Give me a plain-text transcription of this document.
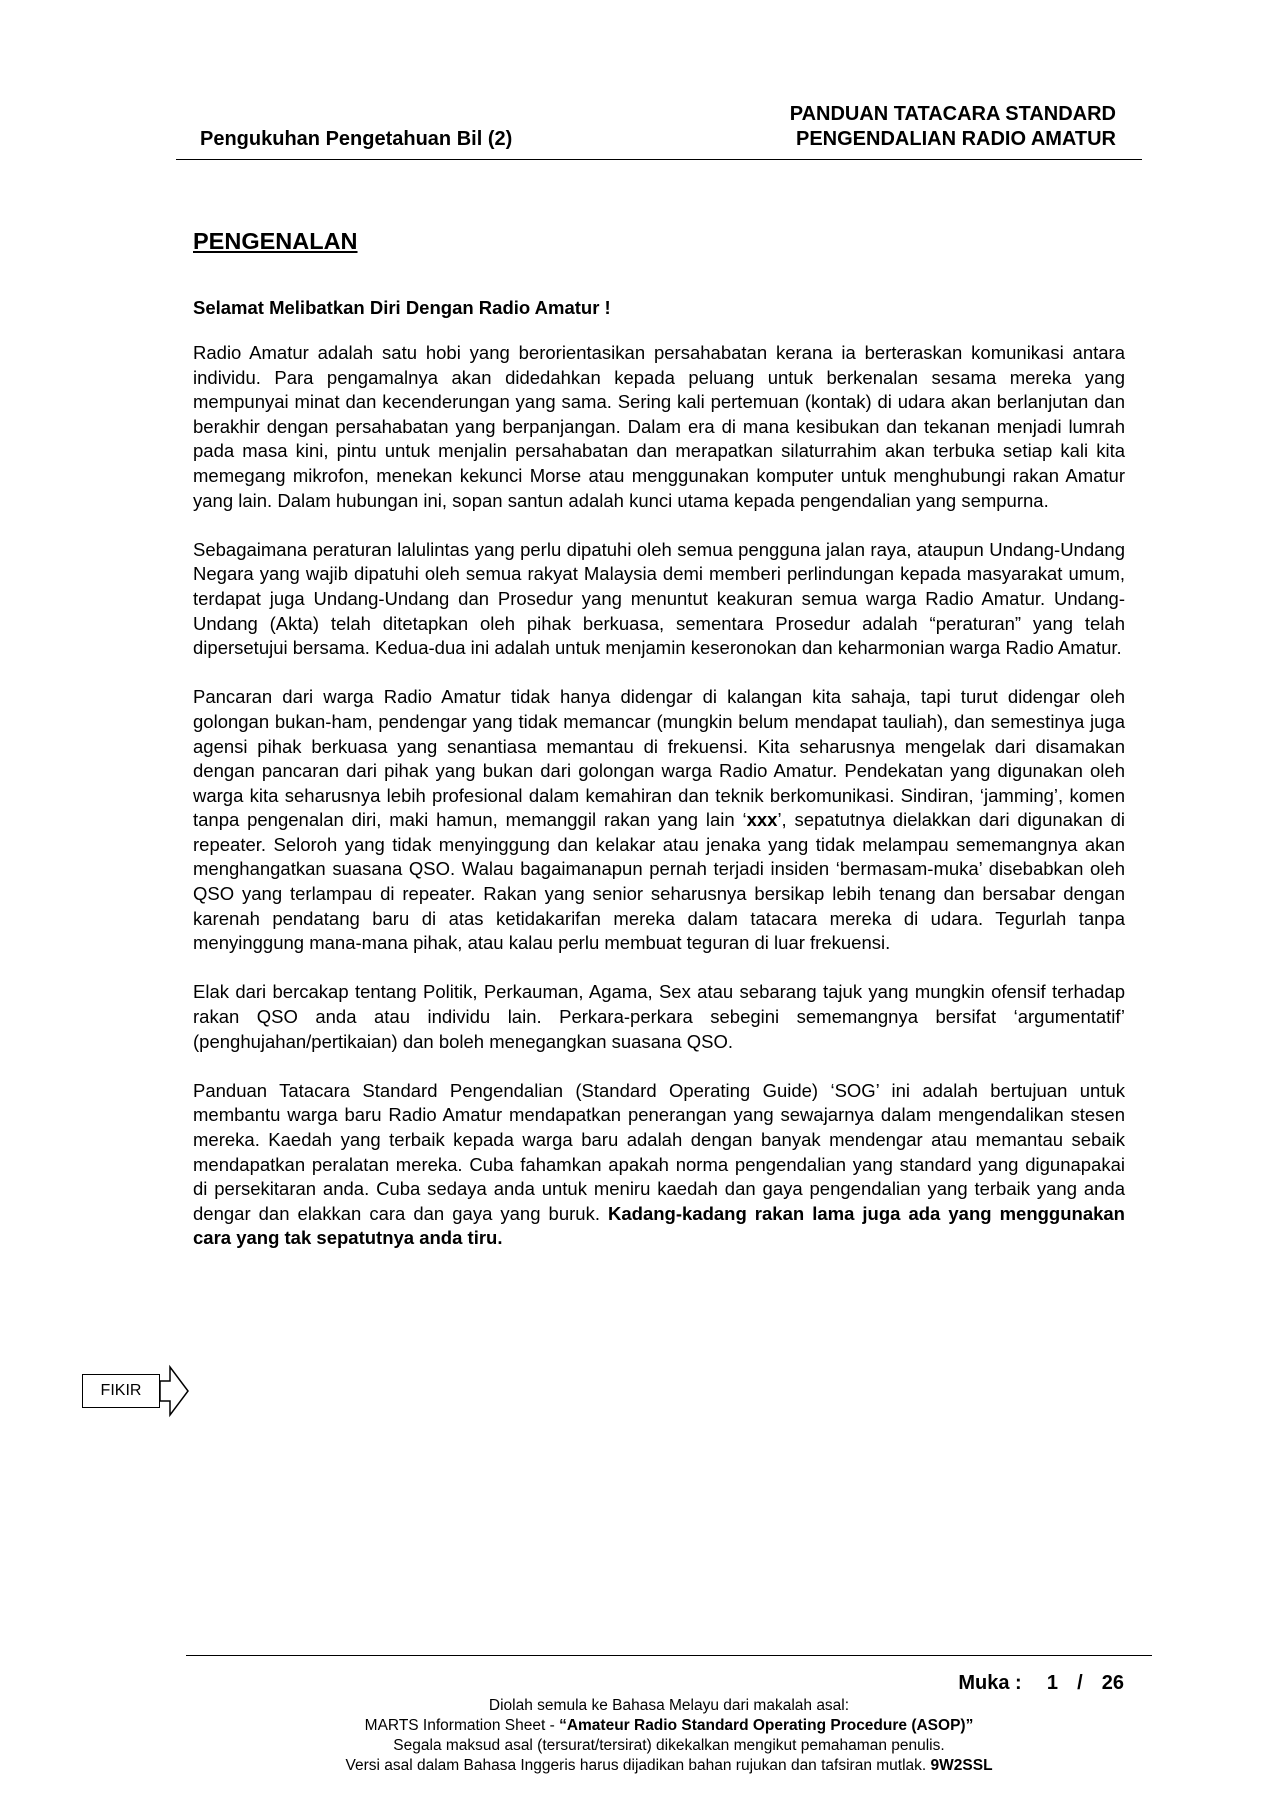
Pengukuhan Pengetahuan Bil (2)
PANDUAN TATACARA STANDARD
PENGENDALIAN RADIO AMATUR
PENGENALAN
Selamat Melibatkan Diri Dengan Radio Amatur !

Radio Amatur adalah satu hobi yang berorientasikan persahabatan kerana ia berteraskan komunikasi antara individu. Para pengamalnya akan didedahkan kepada peluang untuk berkenalan sesama mereka yang mempunyai minat dan kecenderungan yang sama. Sering kali pertemuan (kontak) di udara akan berlanjutan dan berakhir dengan persahabatan yang berpanjangan. Dalam era di mana kesibukan dan tekanan menjadi lumrah pada masa kini, pintu untuk menjalin persahabatan dan merapatkan silaturrahim akan terbuka setiap kali kita memegang mikrofon, menekan kekunci Morse atau menggunakan komputer untuk menghubungi rakan Amatur yang lain. Dalam hubungan ini, sopan santun adalah kunci utama kepada pengendalian yang sempurna.

Sebagaimana peraturan lalulintas yang perlu dipatuhi oleh semua pengguna jalan raya, ataupun Undang-Undang Negara yang wajib dipatuhi oleh semua rakyat Malaysia demi memberi perlindungan kepada masyarakat umum, terdapat juga Undang-Undang dan Prosedur yang menuntut keakuran semua warga Radio Amatur. Undang-Undang (Akta) telah ditetapkan oleh pihak berkuasa, sementara Prosedur adalah “peraturan” yang telah dipersetujui bersama. Kedua-dua ini adalah untuk menjamin keseronokan dan keharmonian warga Radio Amatur.

Pancaran dari warga Radio Amatur tidak hanya didengar di kalangan kita sahaja, tapi turut didengar oleh golongan bukan-ham, pendengar yang tidak memancar (mungkin belum mendapat tauliah), dan semestinya juga agensi pihak berkuasa yang senantiasa memantau di frekuensi. Kita seharusnya mengelak dari disamakan dengan pancaran dari pihak yang bukan dari golongan warga Radio Amatur. Pendekatan yang digunakan oleh warga kita seharusnya lebih profesional dalam kemahiran dan teknik berkomunikasi. Sindiran, ‘jamming’, komen tanpa pengenalan diri, maki hamun, memanggil rakan yang lain ‘xxx’, sepatutnya dielakkan dari digunakan di repeater. Seloroh yang tidak menyinggung dan kelakar atau jenaka yang tidak melampau sememangnya akan menghangatkan suasana QSO. Walau bagaimanapun pernah terjadi insiden ‘bermasam-muka’ disebabkan oleh QSO yang terlampau di repeater. Rakan yang senior seharusnya bersikap lebih tenang dan bersabar dengan karenah pendatang baru di atas ketidakarifan mereka dalam tatacara mereka di udara. Tegurlah tanpa menyinggung mana-mana pihak, atau kalau perlu membuat teguran di luar frekuensi.

Elak dari bercakap tentang Politik, Perkauman, Agama, Sex atau sebarang tajuk yang mungkin ofensif terhadap rakan QSO anda atau individu lain. Perkara-perkara sebegini sememangnya bersifat ‘argumentatif’ (penghujahan/pertikaian) dan boleh menegangkan suasana QSO.

Panduan Tatacara Standard Pengendalian (Standard Operating Guide) ‘SOG’ ini adalah bertujuan untuk membantu warga baru Radio Amatur mendapatkan penerangan yang sewajarnya dalam mengendalikan stesen mereka. Kaedah yang terbaik kepada warga baru adalah dengan banyak mendengar atau memantau sebaik mendapatkan peralatan mereka. Cuba fahamkan apakah norma pengendalian yang standard yang digunapakai di persekitaran anda. Cuba sedaya anda untuk meniru kaedah dan gaya pengendalian yang terbaik yang anda dengar dan elakkan cara dan gaya yang buruk. Kadang-kadang rakan lama juga ada yang menggunakan cara yang tak sepatutnya anda tiru.

FIKIR
Muka : 1 / 26
Diolah semula ke Bahasa Melayu dari makalah asal:
MARTS Information Sheet - “Amateur Radio Standard Operating Procedure (ASOP)”
Segala maksud asal (tersurat/tersirat) dikekalkan mengikut pemahaman penulis.
Versi asal dalam Bahasa Inggeris harus dijadikan bahan rujukan dan tafsiran mutlak. 9W2SSL
